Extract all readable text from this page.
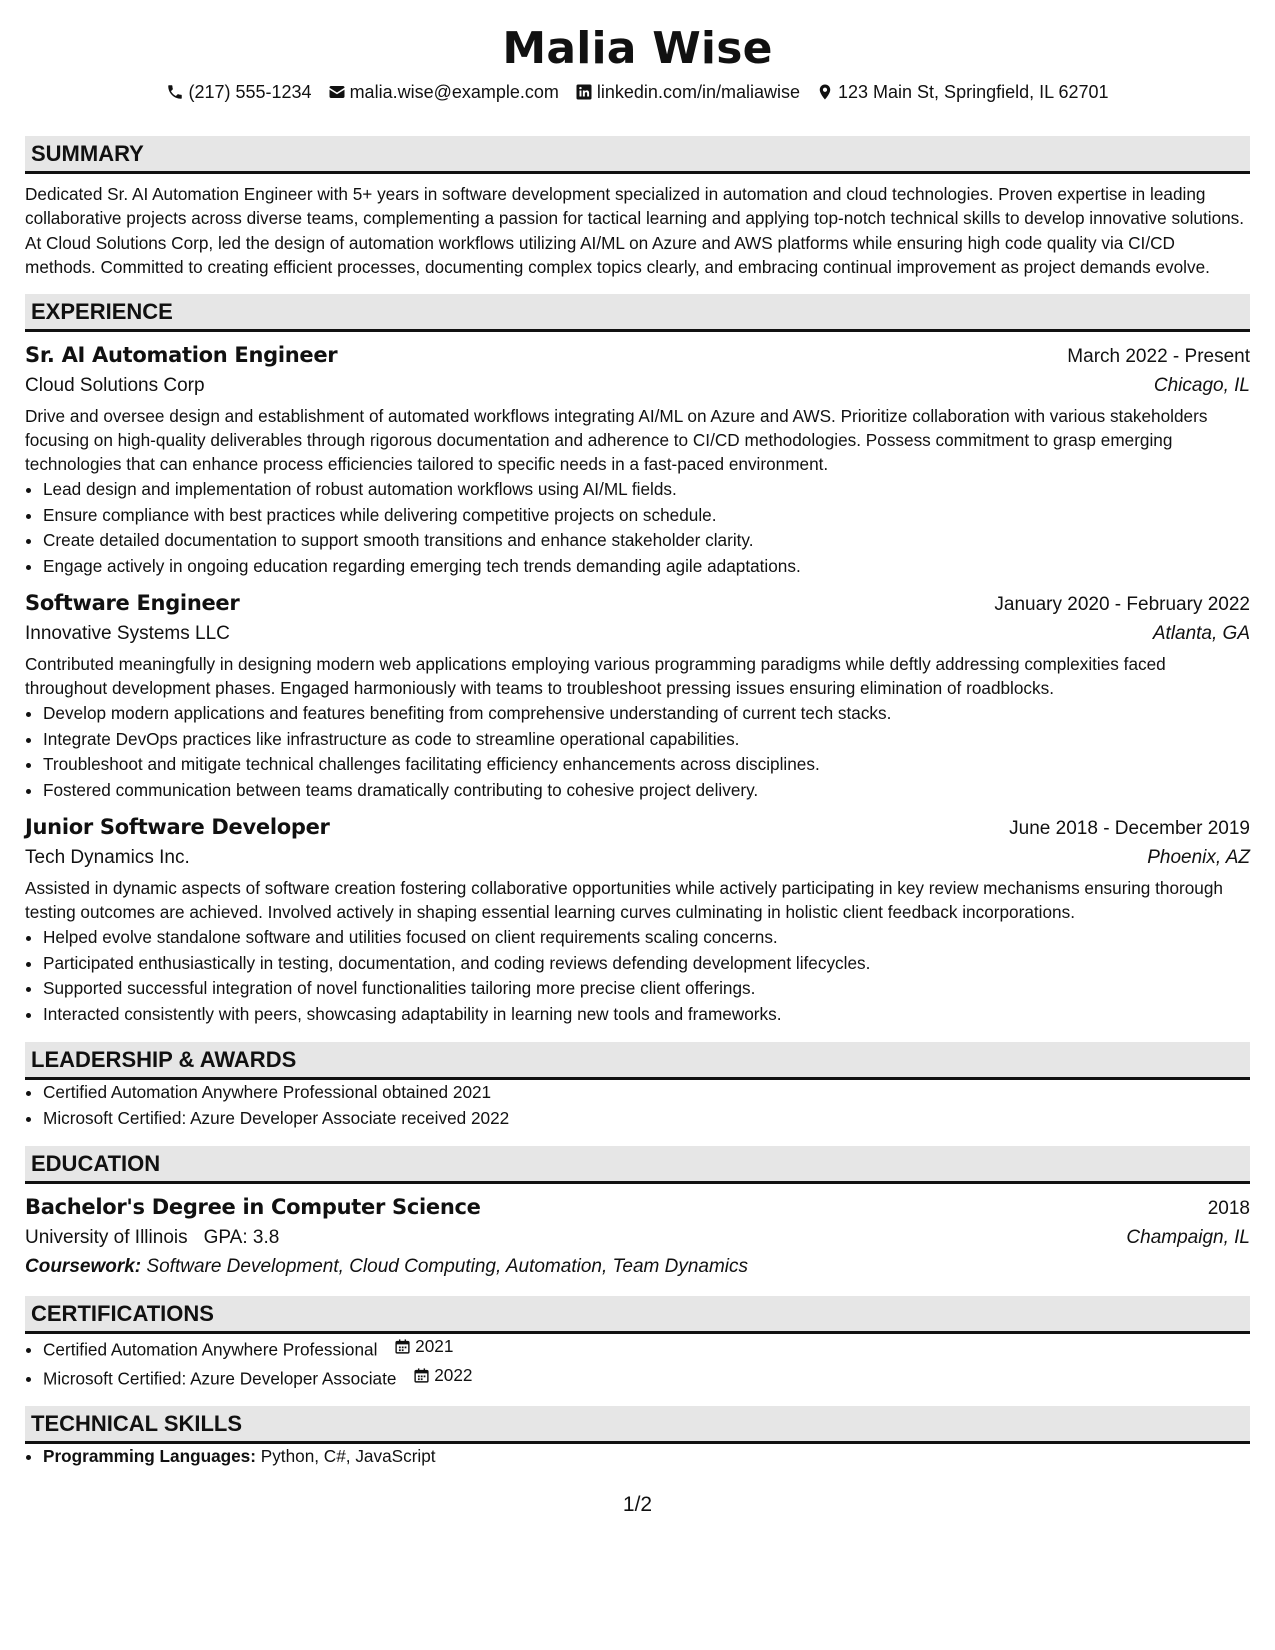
Malia Wise
(217) 555-1234 malia.wise@example.com linkedin.com/in/maliawise 123 Main St, Springfield, IL 62701
SUMMARY
Dedicated Sr. AI Automation Engineer with 5+ years in software development specialized in automation and cloud technologies. Proven expertise in leading collaborative projects across diverse teams, complementing a passion for tactical learning and applying top-notch technical skills to develop innovative solutions. At Cloud Solutions Corp, led the design of automation workflows utilizing AI/ML on Azure and AWS platforms while ensuring high code quality via CI/CD methods. Committed to creating efficient processes, documenting complex topics clearly, and embracing continual improvement as project demands evolve.
EXPERIENCE
Sr. AI Automation Engineer	March 2022 - Present
Cloud Solutions Corp	Chicago, IL
Drive and oversee design and establishment of automated workflows integrating AI/ML on Azure and AWS. Prioritize collaboration with various stakeholders focusing on high-quality deliverables through rigorous documentation and adherence to CI/CD methodologies. Possess commitment to grasp emerging technologies that can enhance process efficiencies tailored to specific needs in a fast-paced environment.
• Lead design and implementation of robust automation workflows using AI/ML fields.
• Ensure compliance with best practices while delivering competitive projects on schedule.
• Create detailed documentation to support smooth transitions and enhance stakeholder clarity.
• Engage actively in ongoing education regarding emerging tech trends demanding agile adaptations.
Software Engineer	January 2020 - February 2022
Innovative Systems LLC	Atlanta, GA
Contributed meaningfully in designing modern web applications employing various programming paradigms while deftly addressing complexities faced throughout development phases. Engaged harmoniously with teams to troubleshoot pressing issues ensuring elimination of roadblocks.
• Develop modern applications and features benefiting from comprehensive understanding of current tech stacks.
• Integrate DevOps practices like infrastructure as code to streamline operational capabilities.
• Troubleshoot and mitigate technical challenges facilitating efficiency enhancements across disciplines.
• Fostered communication between teams dramatically contributing to cohesive project delivery.
Junior Software Developer	June 2018 - December 2019
Tech Dynamics Inc.	Phoenix, AZ
Assisted in dynamic aspects of software creation fostering collaborative opportunities while actively participating in key review mechanisms ensuring thorough testing outcomes are achieved. Involved actively in shaping essential learning curves culminating in holistic client feedback incorporations.
• Helped evolve standalone software and utilities focused on client requirements scaling concerns.
• Participated enthusiastically in testing, documentation, and coding reviews defending development lifecycles.
• Supported successful integration of novel functionalities tailoring more precise client offerings.
• Interacted consistently with peers, showcasing adaptability in learning new tools and frameworks.
LEADERSHIP & AWARDS
• Certified Automation Anywhere Professional obtained 2021
• Microsoft Certified: Azure Developer Associate received 2022
EDUCATION
Bachelor's Degree in Computer Science	2018
University of Illinois GPA: 3.8	Champaign, IL
Coursework: Software Development, Cloud Computing, Automation, Team Dynamics
CERTIFICATIONS
• Certified Automation Anywhere Professional 2021
• Microsoft Certified: Azure Developer Associate 2022
TECHNICAL SKILLS
• Programming Languages: Python, C#, JavaScript
1/2
